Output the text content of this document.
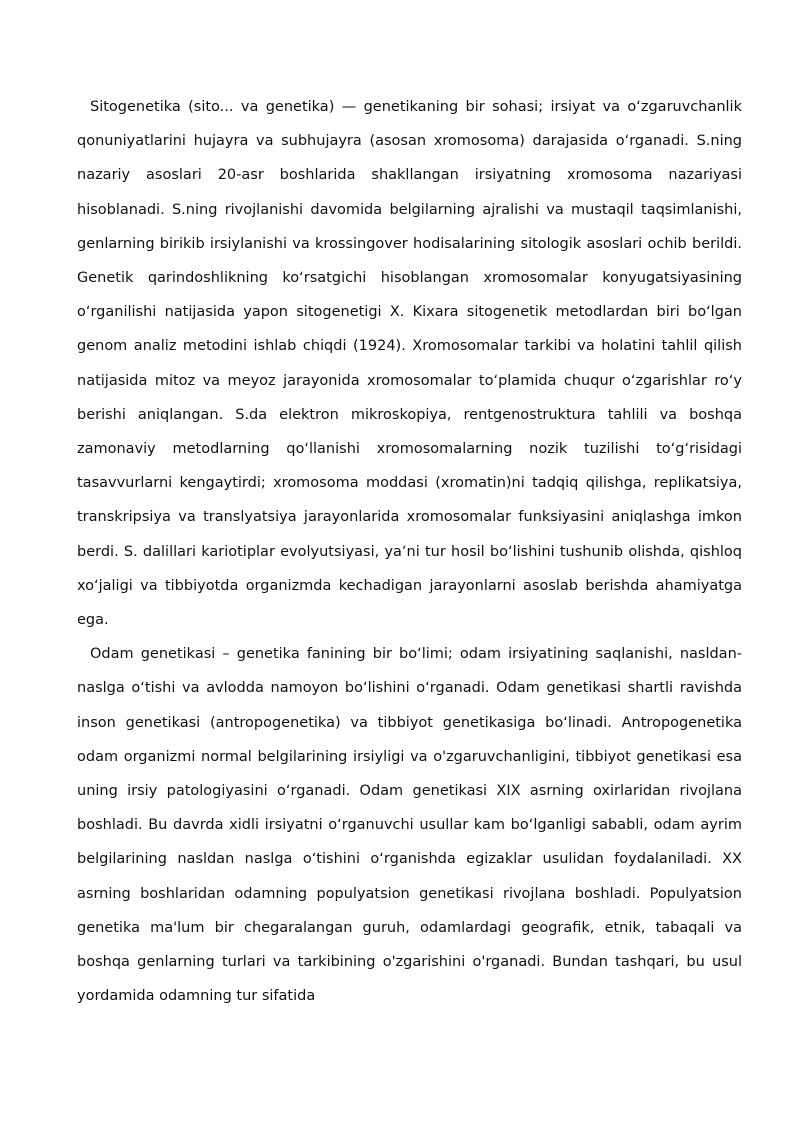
Sitogenetika (sito... va genetika) — genetikaning bir sohasi; irsiyat va oʻzgaruvchanlik qonuniyatlarini hujayra va subhujayra (asosan xromosoma) darajasida oʻrganadi. S.ning nazariy asoslari 20-asr boshlarida shakllangan irsiyatning xromosoma nazariyasi hisoblanadi. S.ning rivojlanishi davomida belgilarning ajralishi va mustaqil taqsimlanishi, genlarning birikib irsiylanishi va krossingover hodisalarining sitologik asoslari ochib berildi. Genetik qarindoshlikning koʻrsatgichi hisoblangan xromosomalar konyugatsiyasining oʻrganilishi natijasida yapon sitogenetigi X. Kixara sitogenetik metodlardan biri boʻlgan genom analiz metodini ishlab chiqdi (1924). Xromosomalar tarkibi va holatini tahlil qilish natijasida mitoz va meyoz jarayonida xromosomalar toʻplamida chuqur oʻzgarishlar roʻy berishi aniqlangan. S.da elektron mikroskopiya, rentgenostruktura tahlili va boshqa zamonaviy metodlarning qoʻllanishi xromosomalarning nozik tuzilishi toʻgʻrisidagi tasavvurlarni kengaytirdi; xromosoma moddasi (xromatin)ni tadqiq qilishga, replikatsiya, transkripsiya va translyatsiya jarayonlarida xromosomalar funksiyasini aniqlashga imkon berdi. S. dalillari kariotiplar evolyutsiyasi, yaʼni tur hosil boʻlishini tushunib olishda, qishloq xoʻjaligi va tibbiyotda organizmda kechadigan jarayonlarni asoslab berishda ahamiyatga ega.

Odam genetikasi – genetika fanining bir boʻlimi; odam irsiyatining saqlanishi, nasldan-naslga oʻtishi va avlodda namoyon boʻlishini oʻrganadi. Odam genetikasi shartli ravishda inson genetikasi (antropogenetika) va tibbiyot genetikasiga boʻlinadi. Antropogenetika odam organizmi normal belgilarining irsiyligi va o'zgaruvchanligini, tibbiyot genetikasi esa uning irsiy patologiyasini oʻrganadi. Odam genetikasi XIX asrning oxirlaridan rivojlana boshladi. Bu davrda xidli irsiyatni oʻrganuvchi usullar kam boʻlganligi sababli, odam ayrim belgilarining nasldan naslga oʻtishini oʻrganishda egizaklar usulidan foydalaniladi. XX asrning boshlaridan odamning populyatsion genetikasi rivojlana boshladi. Populyatsion genetika ma'lum bir chegaralangan guruh, odamlardagi geografik, etnik, tabaqali va boshqa genlarning turlari va tarkibining o'zgarishini o'rganadi. Bundan tashqari, bu usul yordamida odamning tur sifatida
